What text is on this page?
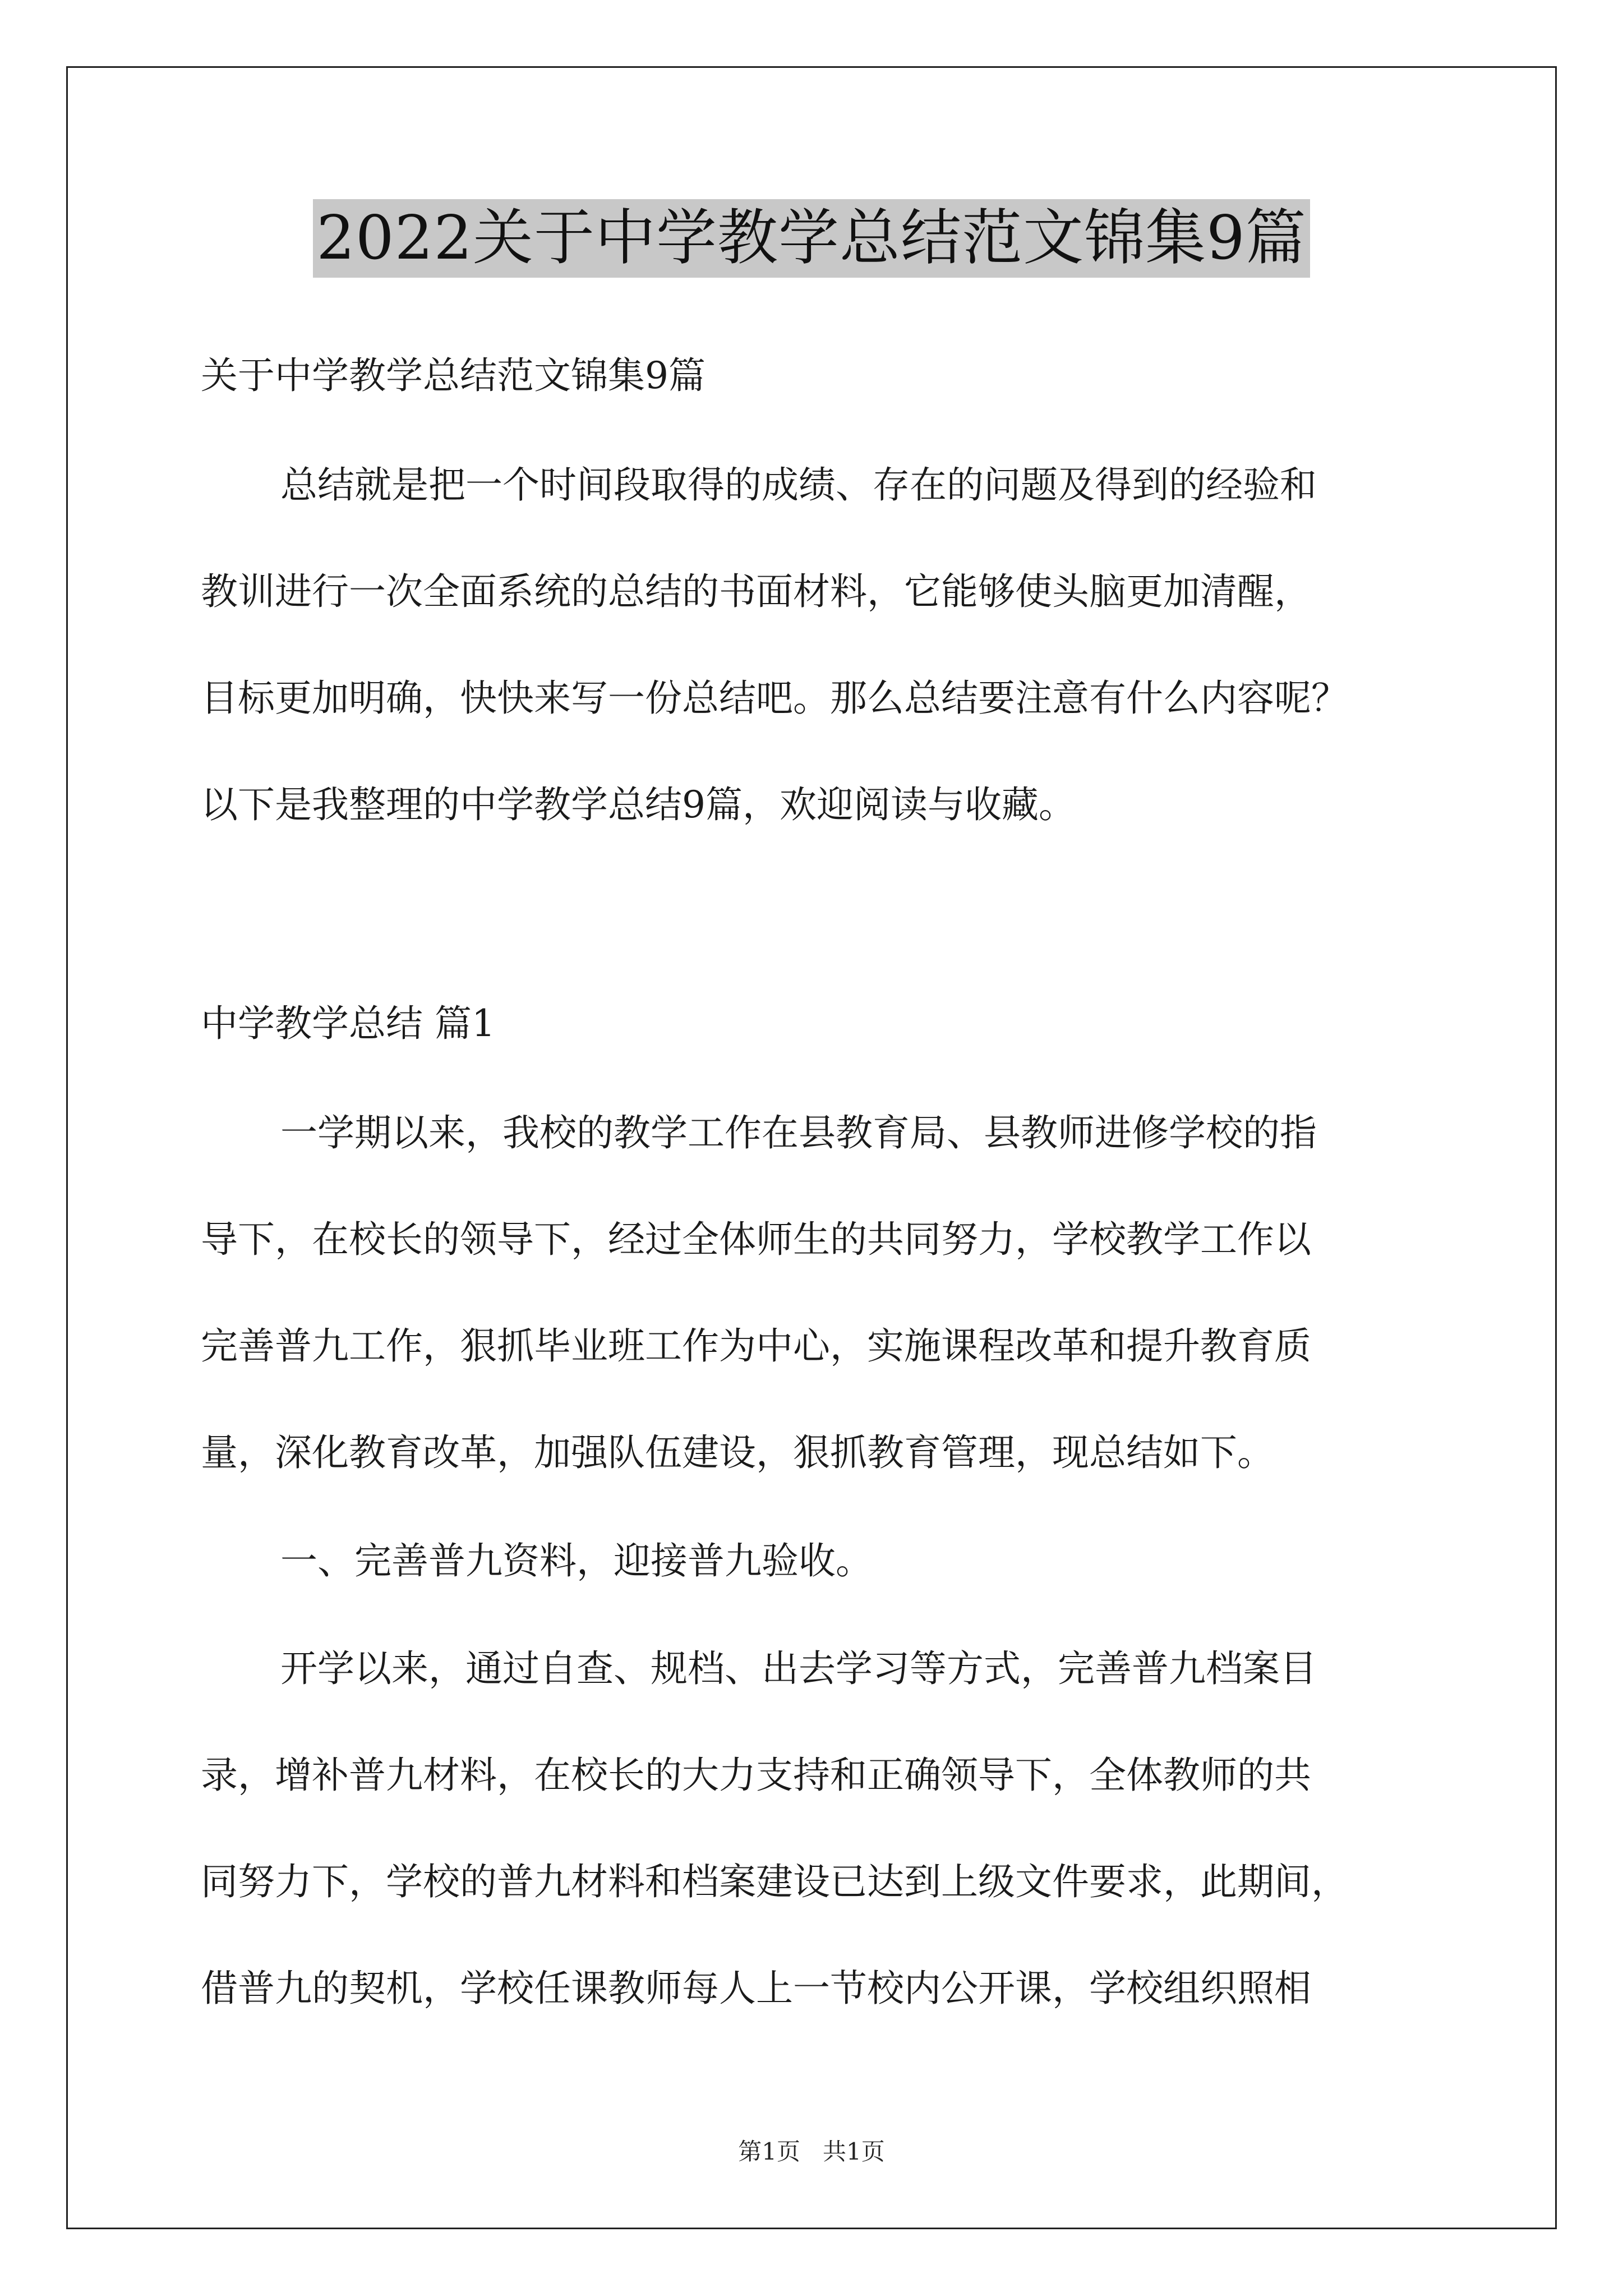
2022关于中学教学总结范文锦集9篇
关于中学教学总结范文锦集9篇
总结就是把一个时间段取得的成绩、存在的问题及得到的经验和
教训进行一次全面系统的总结的书面材料，它能够使头脑更加清醒，
目标更加明确，快快来写一份总结吧。那么总结要注意有什么内容呢？
以下是我整理的中学教学总结9篇，欢迎阅读与收藏。
中学教学总结 篇1
一学期以来，我校的教学工作在县教育局、县教师进修学校的指
导下，在校长的领导下，经过全体师生的共同努力，学校教学工作以
完善普九工作，狠抓毕业班工作为中心，实施课程改革和提升教育质
量，深化教育改革，加强队伍建设，狠抓教育管理，现总结如下。
一、完善普九资料，迎接普九验收。
开学以来，通过自查、规档、出去学习等方式，完善普九档案目
录，增补普九材料，在校长的大力支持和正确领导下，全体教师的共
同努力下，学校的普九材料和档案建设已达到上级文件要求，此期间，
借普九的契机，学校任课教师每人上一节校内公开课，学校组织照相
第1页 共1页
